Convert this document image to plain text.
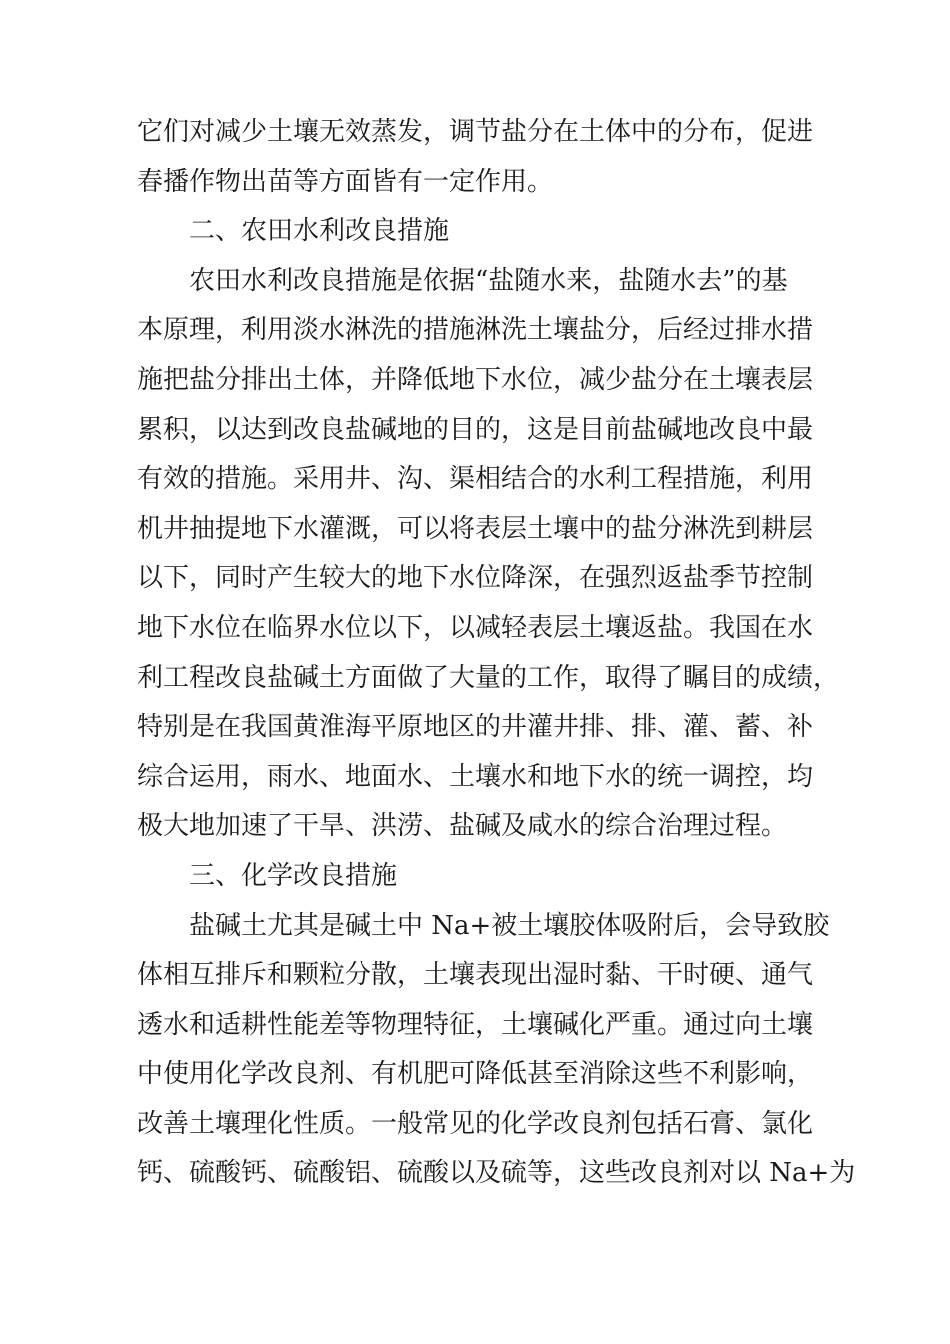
它们对减少土壤无效蒸发，调节盐分在土体中的分布，促进
春播作物出苗等方面皆有一定作用。
二、农田水利改良措施
农田水利改良措施是依据“盐随水来，盐随水去”的基
本原理，利用淡水淋洗的措施淋洗土壤盐分，后经过排水措
施把盐分排出土体，并降低地下水位，减少盐分在土壤表层
累积，以达到改良盐碱地的目的，这是目前盐碱地改良中最
有效的措施。采用井、沟、渠相结合的水利工程措施，利用
机井抽提地下水灌溉，可以将表层土壤中的盐分淋洗到耕层
以下，同时产生较大的地下水位降深，在强烈返盐季节控制
地下水位在临界水位以下，以减轻表层土壤返盐。我国在水
利工程改良盐碱土方面做了大量的工作，取得了瞩目的成绩，
特别是在我国黄淮海平原地区的井灌井排、排、灌、蓄、补
综合运用，雨水、地面水、土壤水和地下水的统一调控，均
极大地加速了干旱、洪涝、盐碱及咸水的综合治理过程。
三、化学改良措施
盐碱土尤其是碱土中 Na+被土壤胶体吸附后，会导致胶
体相互排斥和颗粒分散，土壤表现出湿时黏、干时硬、通气
透水和适耕性能差等物理特征，土壤碱化严重。通过向土壤
中使用化学改良剂、有机肥可降低甚至消除这些不利影响，
改善土壤理化性质。一般常见的化学改良剂包括石膏、氯化
钙、硫酸钙、硫酸铝、硫酸以及硫等，这些改良剂对以 Na+为
